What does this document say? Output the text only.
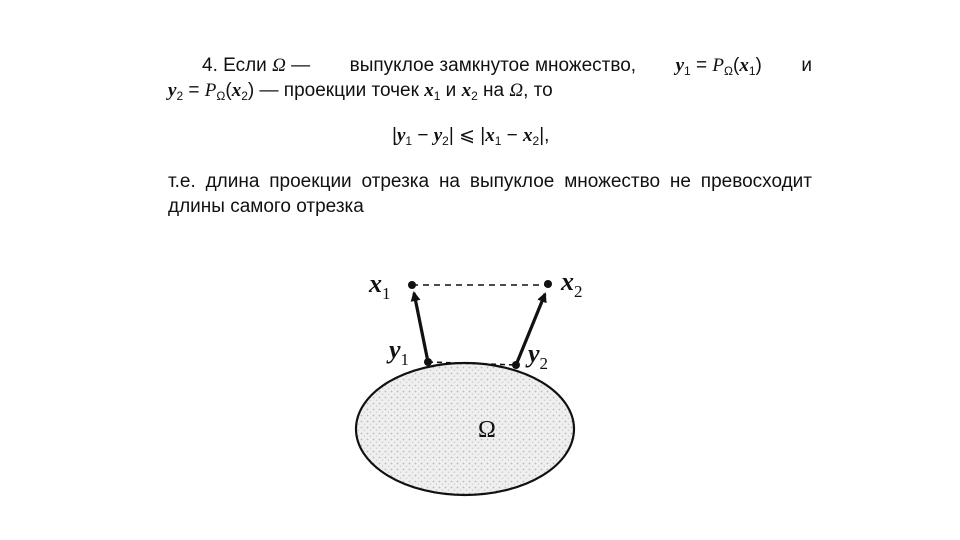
4. Если Ω — выпуклое замкнутое множество, $y_1 = P_\Omega(x_1)$ и
$y_2 = P_\Omega(x_2)$ — проекции точек $x_1$ и $x_2$ на Ω, то
$|y_1 - y_2|$ ⩽ $|x_1 - x_2|$,
т.е. длина проекции отрезка на выпуклое множество не превосходит
длины самого отрезка
Ω
x1	x2
y1	y2
